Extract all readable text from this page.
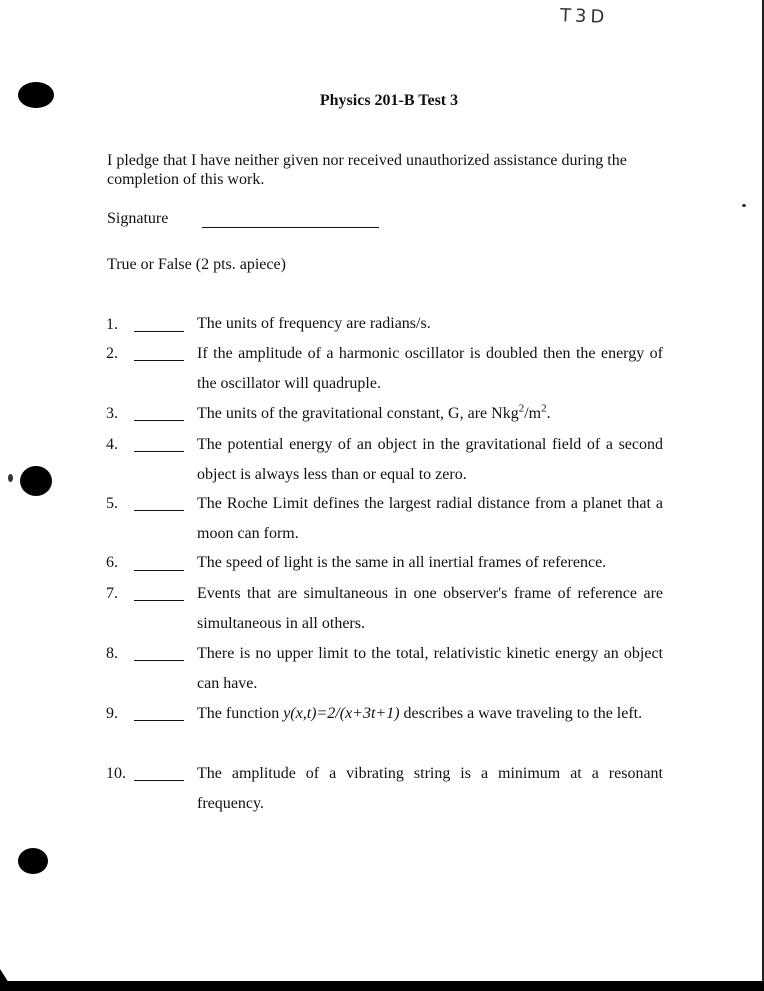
T3D
Physics 201-B Test 3
I pledge that I have neither given nor received unauthorized assistance during the completion of this work.
Signature
True or False (2 pts. apiece)
1.	The units of frequency are radians/s.
2.	If the amplitude of a harmonic oscillator is doubled then the energy of the oscillator will quadruple.
3.	The units of the gravitational constant, G, are $Nkg^2/m^2$.
4.	The potential energy of an object in the gravitational field of a second object is always less than or equal to zero.
5.	The Roche Limit defines the largest radial distance from a planet that a moon can form.
6.	The speed of light is the same in all inertial frames of reference.
7.	Events that are simultaneous in one observer's frame of reference are simultaneous in all others.
8.	There is no upper limit to the total, relativistic kinetic energy an object can have.
9.	The function y(x,t)=2/(x+3t+1) describes a wave traveling to the left.
10.	The amplitude of a vibrating string is a minimum at a resonant frequency.
